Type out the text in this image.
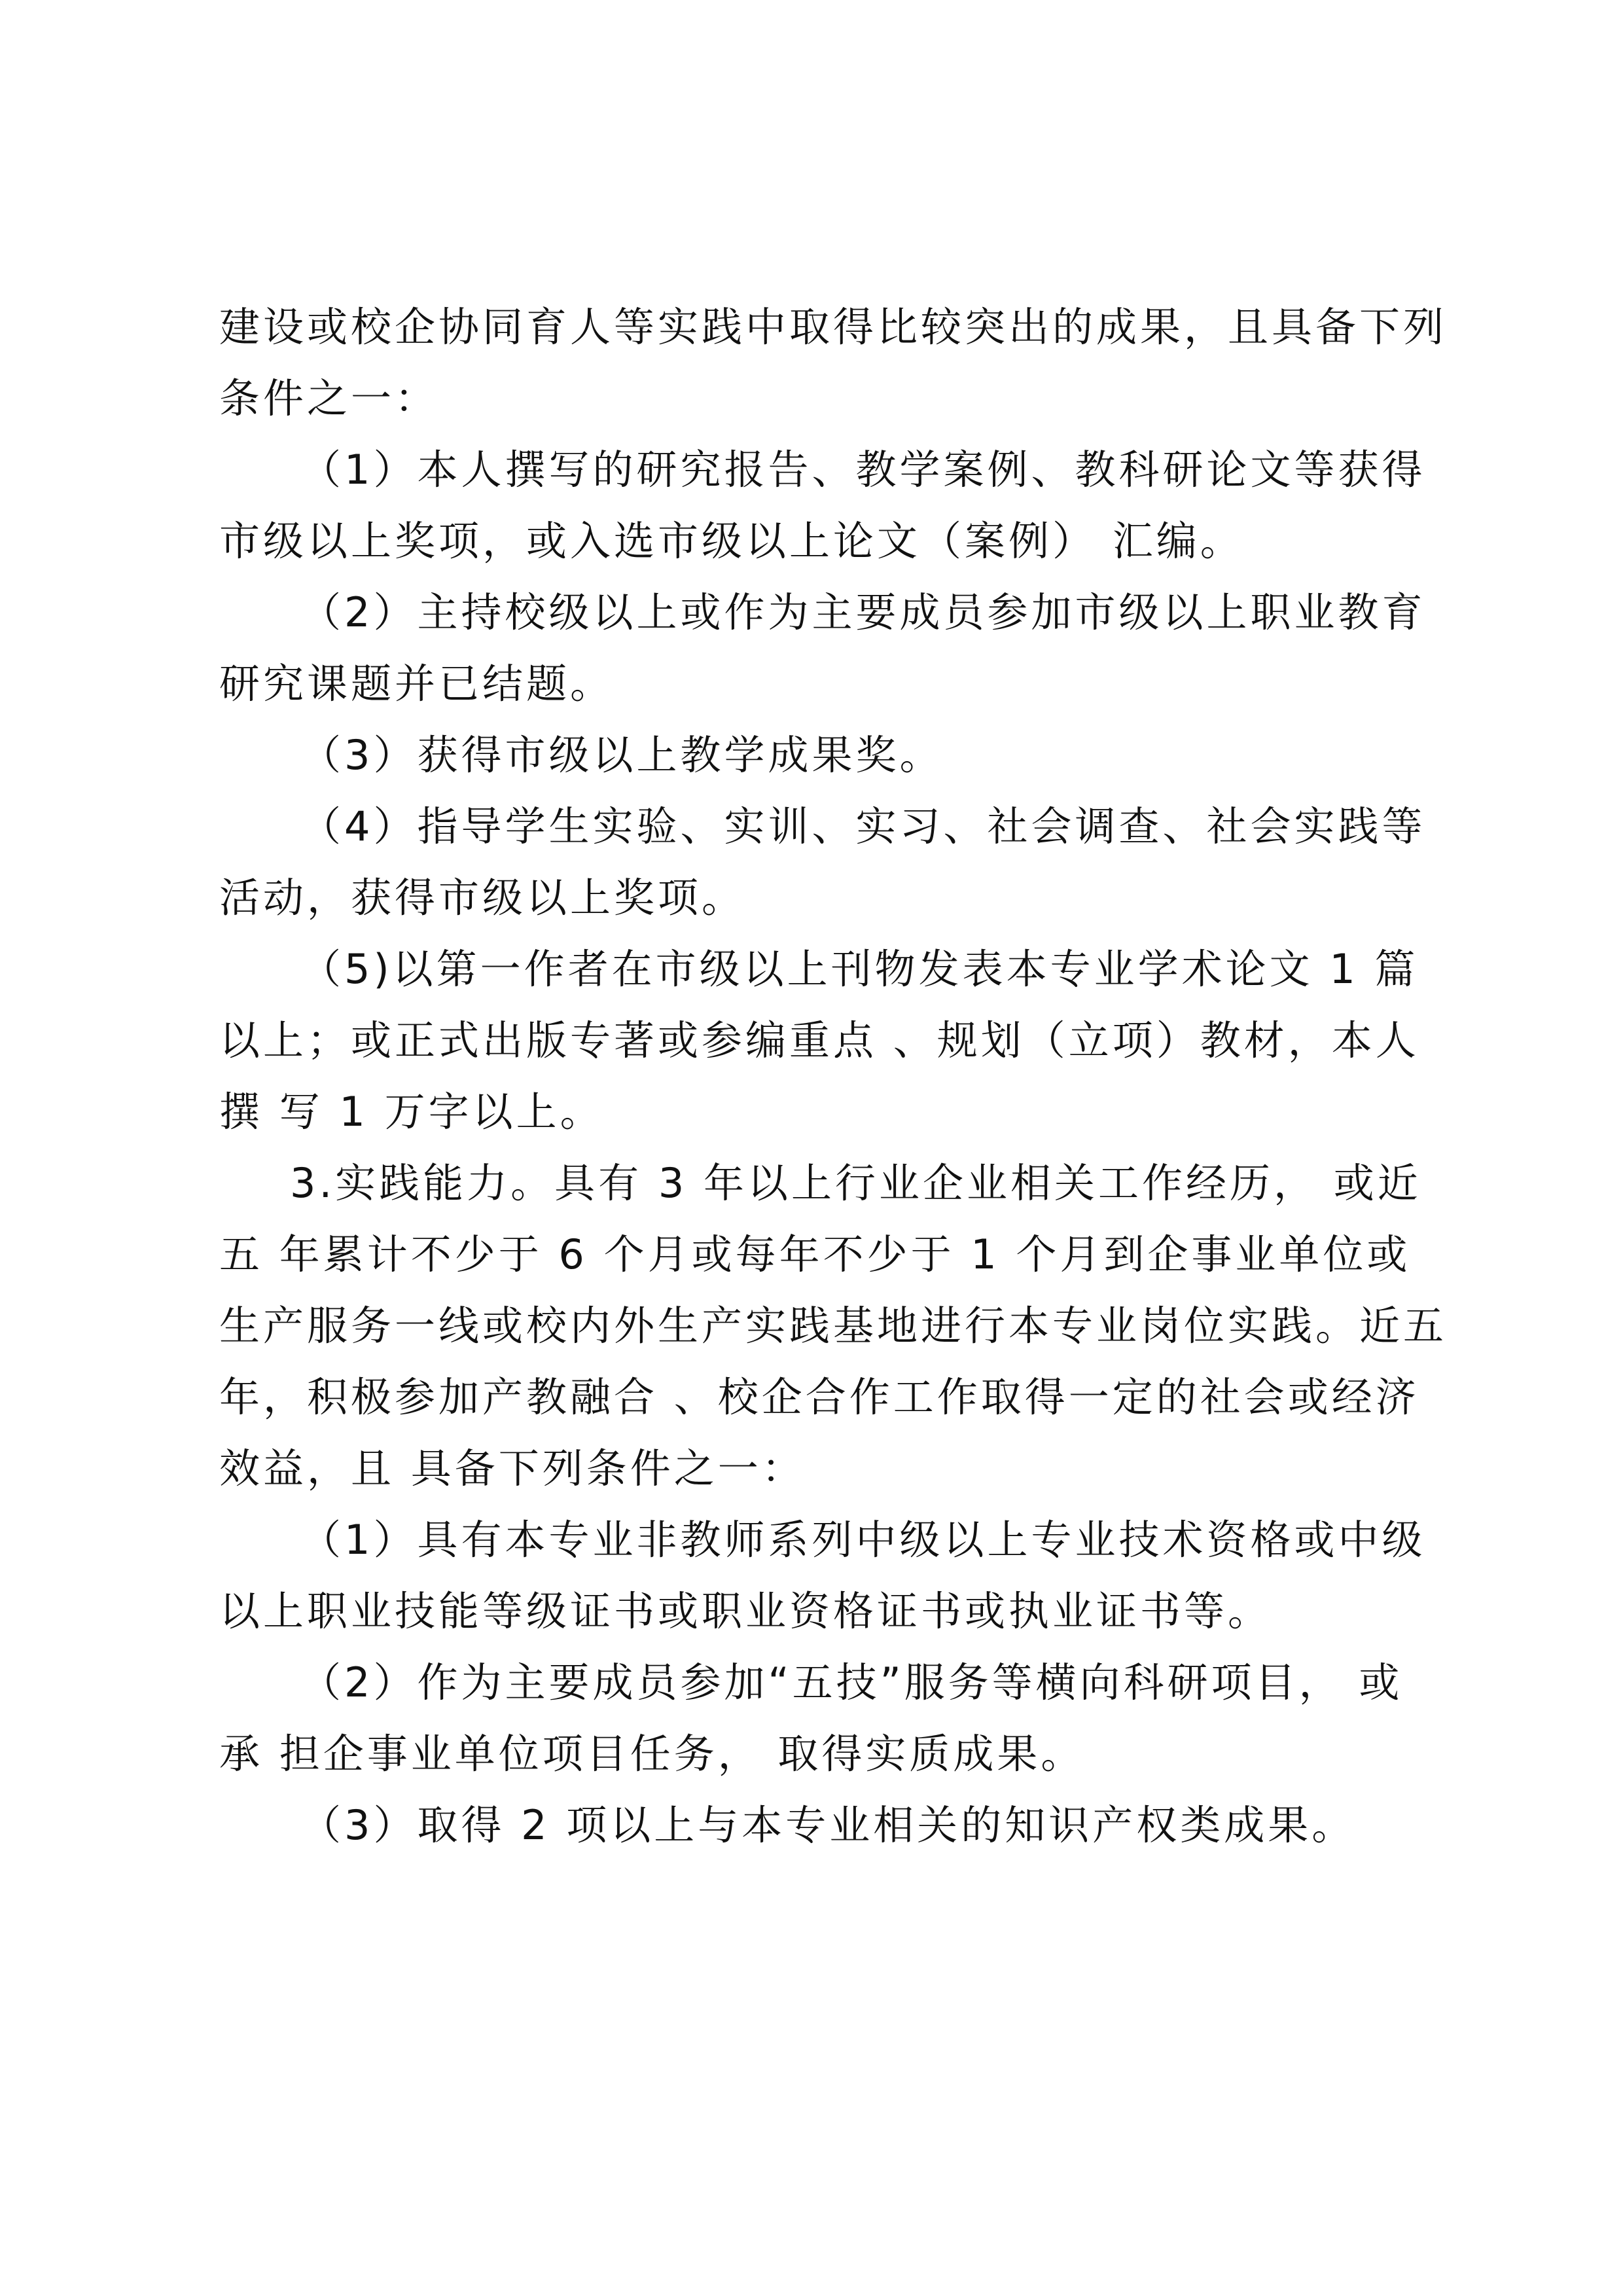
建设或校企协同育人等实践中取得比较突出的成果，且具备下列
条件之一：
（1）本人撰写的研究报告、教学案例、教科研论文等获得
市级以上奖项，或入选市级以上论文（案例） 汇编。
（2）主持校级以上或作为主要成员参加市级以上职业教育
研究课题并已结题。
（3）获得市级以上教学成果奖。
（4）指导学生实验、实训、实习、社会调查、社会实践等
活动，获得市级以上奖项。
（5)以第一作者在市级以上刊物发表本专业学术论文 1 篇
以上；或正式出版专著或参编重点 、规划（立项）教材，本人
撰 写 1 万字以上。
3.实践能力。具有 3 年以上行业企业相关工作经历， 或近
五 年累计不少于 6 个月或每年不少于 1 个月到企事业单位或
生产服务一线或校内外生产实践基地进行本专业岗位实践。近五
年，积极参加产教融合 、校企合作工作取得一定的社会或经济
效益，且 具备下列条件之一：
（1）具有本专业非教师系列中级以上专业技术资格或中级
以上职业技能等级证书或职业资格证书或执业证书等。
（2）作为主要成员参加“五技”服务等横向科研项目， 或
承 担企事业单位项目任务， 取得实质成果。
（3）取得 2 项以上与本专业相关的知识产权类成果。
